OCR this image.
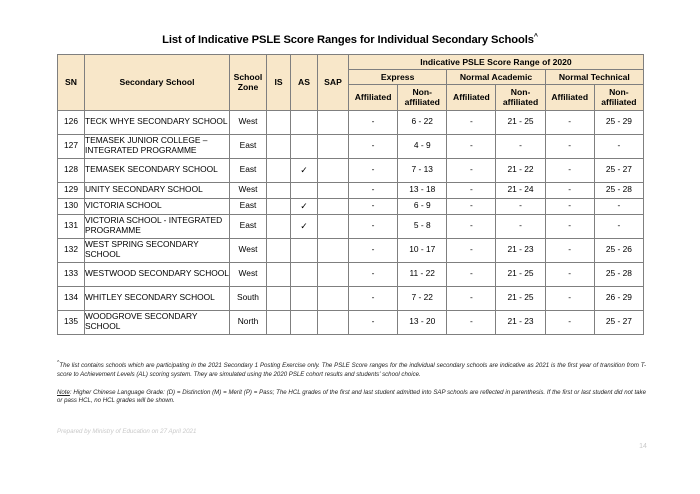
List of Indicative PSLE Score Ranges for Individual Secondary Schools^
SN	Secondary School	School Zone	IS	AS	SAP	Indicative PSLE Score Range of 2020					
						Express		Normal Academic		Normal Technical	
						Affiliated	Non-affiliated	Affiliated	Non-affiliated	Affiliated	Non-affiliated
126	TECK WHYE SECONDARY SCHOOL	West				-	6 - 22	-	21 - 25	-	25 - 29
127	TEMASEK JUNIOR COLLEGE – INTEGRATED PROGRAMME	East				-	4 - 9	-	-	-	-
128	TEMASEK SECONDARY SCHOOL	East		✓		-	7 - 13	-	21 - 22	-	25 - 27
129	UNITY SECONDARY SCHOOL	West				-	13 - 18	-	21 - 24	-	25 - 28
130	VICTORIA SCHOOL	East		✓		-	6 - 9	-	-	-	-
131	VICTORIA SCHOOL - INTEGRATED PROGRAMME	East		✓		-	5 - 8	-	-	-	-
132	WEST SPRING SECONDARY SCHOOL	West				-	10 - 17	-	21 - 23	-	25 - 26
133	WESTWOOD SECONDARY SCHOOL	West				-	11 - 22	-	21 - 25	-	25 - 28
134	WHITLEY SECONDARY SCHOOL	South				-	7 - 22	-	21 - 25	-	26 - 29
135	WOODGROVE SECONDARY SCHOOL	North				-	13 - 20	-	21 - 23	-	25 - 27

^The list contains schools which are participating in the 2021 Secondary 1 Posting Exercise only. The PSLE Score ranges for the individual secondary schools are indicative as 2021 is the first year of transition from T-score to Achievement Levels (AL) scoring system. They are simulated using the 2020 PSLE cohort results and students' school choice.

Note: Higher Chinese Language Grade: (D) = Distinction (M) = Merit (P) = Pass; The HCL grades of the first and last student admitted into SAP schools are reflected in parenthesis. If the first or last student did not take or pass HCL, no HCL grades will be shown.

Prepared by Ministry of Education on 27 April 2021
14
